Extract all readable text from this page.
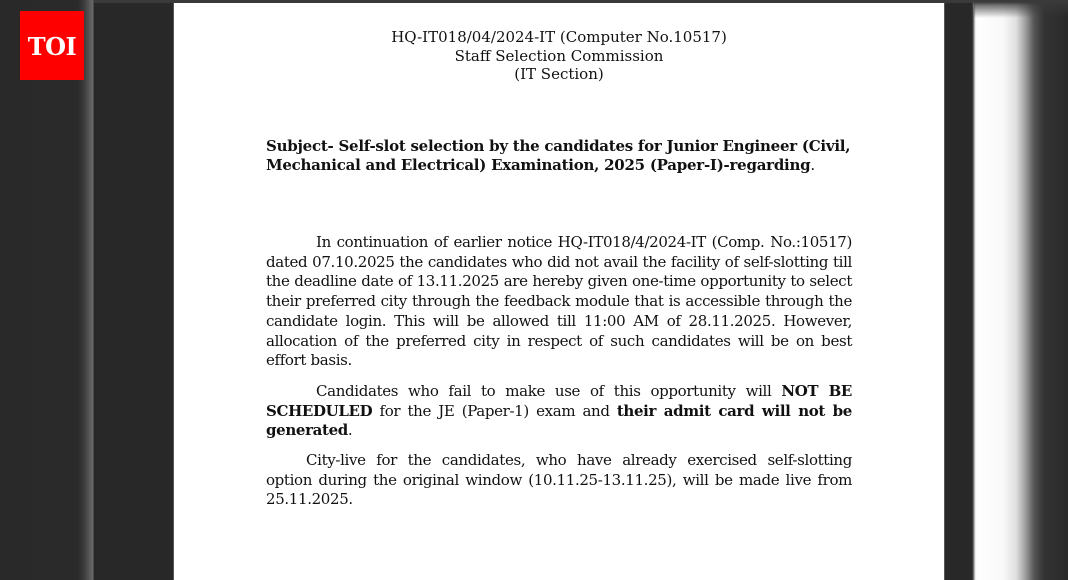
TOI	HQ-IT018/04/2024-IT (Computer No.10517)
Staff Selection Commission
(IT Section)
Subject- Self-slot selection by the candidates for Junior Engineer (Civil, Mechanical and Electrical) Examination, 2025 (Paper-I)-regarding.
In continuation of earlier notice HQ-IT018/4/2024-IT (Comp. No.:10517) dated 07.10.2025 the candidates who did not avail the facility of self-slotting till the deadline date of 13.11.2025 are hereby given one-time opportunity to select their preferred city through the feedback module that is accessible through the candidate login. This will be allowed till 11:00 AM of 28.11.2025. However, allocation of the preferred city in respect of such candidates will be on best effort basis.
Candidates who fail to make use of this opportunity will NOT BE SCHEDULED for the JE (Paper-1) exam and their admit card will not be generated.
City-live for the candidates, who have already exercised self-slotting option during the original window (10.11.25-13.11.25), will be made live from 25.11.2025.
